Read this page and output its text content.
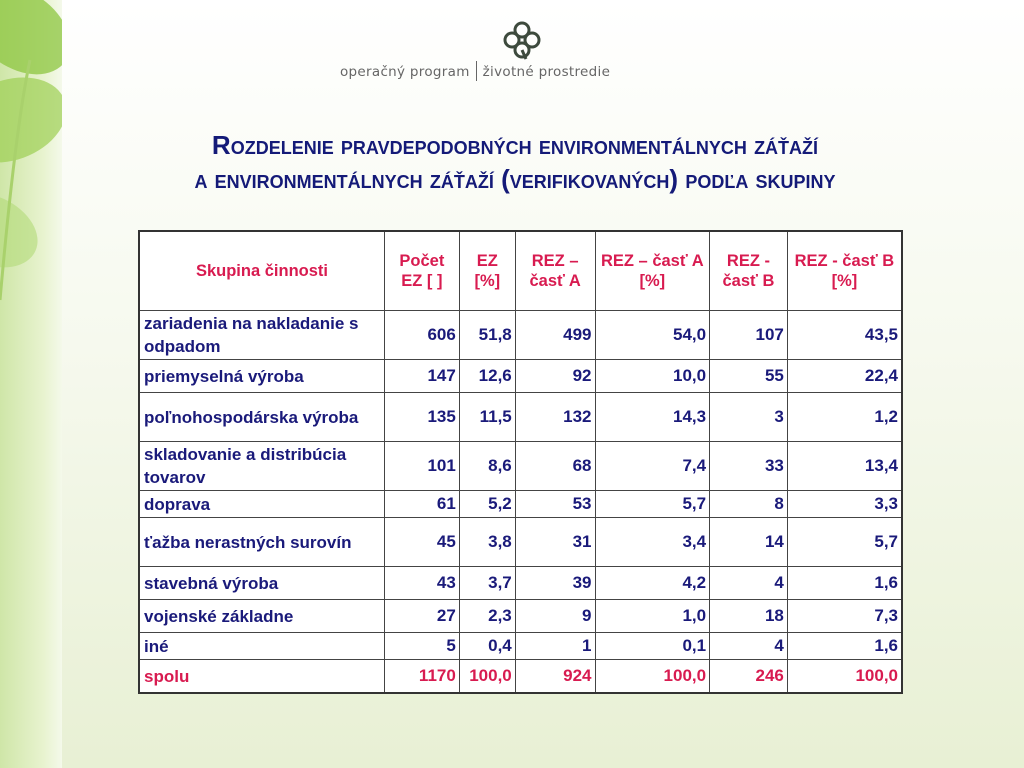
operačný program životné prostredie
Rozdelenie pravdepodobných environmentálnych záťaží
a environmentálnych záťaží (verifikovaných) podľa skupiny
Skupina činnosti	Počet EZ [ ]	EZ [%]	REZ – časť A	REZ – časť A [%]	REZ - časť B	REZ - časť B [%]
zariadenia na nakladanie s odpadom	606	51,8	499	54,0	107	43,5
priemyselná výroba	147	12,6	92	10,0	55	22,4
poľnohospodárska výroba	135	11,5	132	14,3	3	1,2
skladovanie a distribúcia tovarov	101	8,6	68	7,4	33	13,4
doprava	61	5,2	53	5,7	8	3,3
ťažba nerastných surovín	45	3,8	31	3,4	14	5,7
stavebná výroba	43	3,7	39	4,2	4	1,6
vojenské základne	27	2,3	9	1,0	18	7,3
iné	5	0,4	1	0,1	4	1,6
spolu	1170	100,0	924	100,0	246	100,0
